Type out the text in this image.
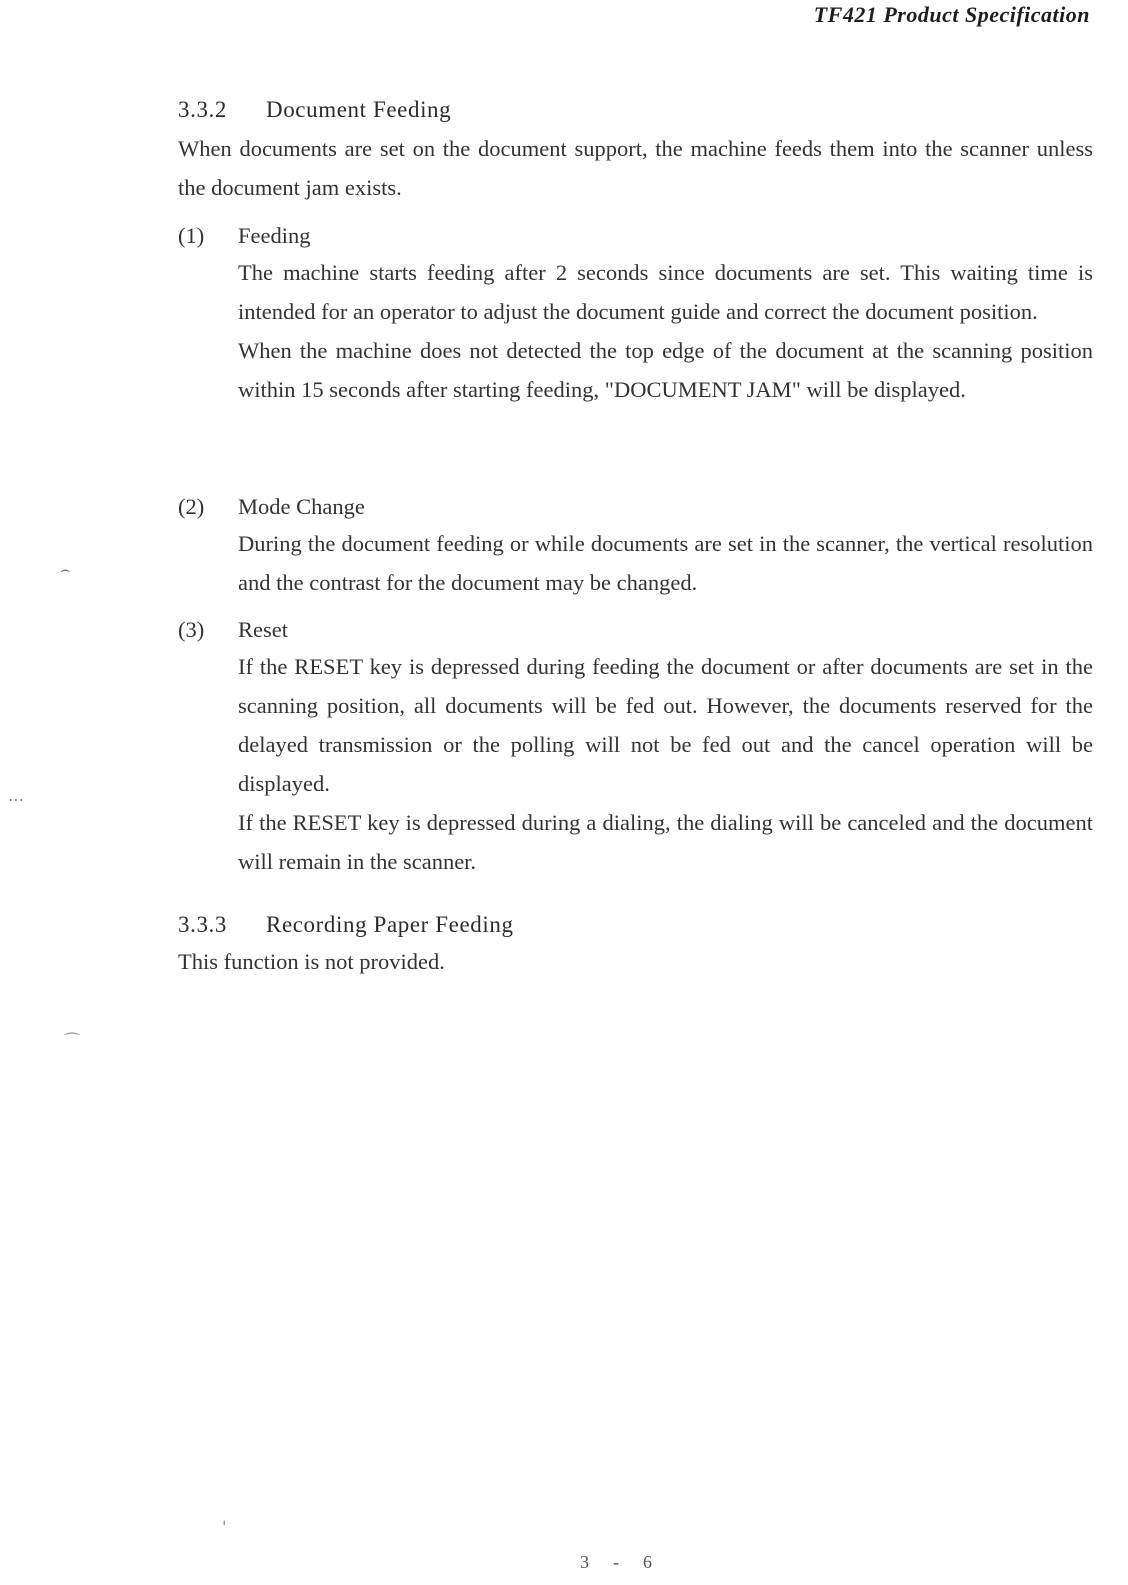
TF421 Product Specification
3.3.2 Document Feeding

When documents are set on the document support, the machine feeds them into the scanner unless the document jam exists.

(1) Feeding

The machine starts feeding after 2 seconds since documents are set. This waiting time is intended for an operator to adjust the document guide and correct the document position.

When the machine does not detected the top edge of the document at the scanning position within 15 seconds after starting feeding, "DOCUMENT JAM" will be displayed.

(2) Mode Change

During the document feeding or while documents are set in the scanner, the vertical resolution and the contrast for the document may be changed.

(3) Reset

If the RESET key is depressed during feeding the document or after documents are set in the scanning position, all documents will be fed out. However, the documents reserved for the delayed transmission or the polling will not be fed out and the cancel operation will be displayed.

If the RESET key is depressed during a dialing, the dialing will be canceled and the document will remain in the scanner.

3.3.3 Recording Paper Feeding

This function is not provided.

⌢
⋯
⌒
ˈ
3-6
